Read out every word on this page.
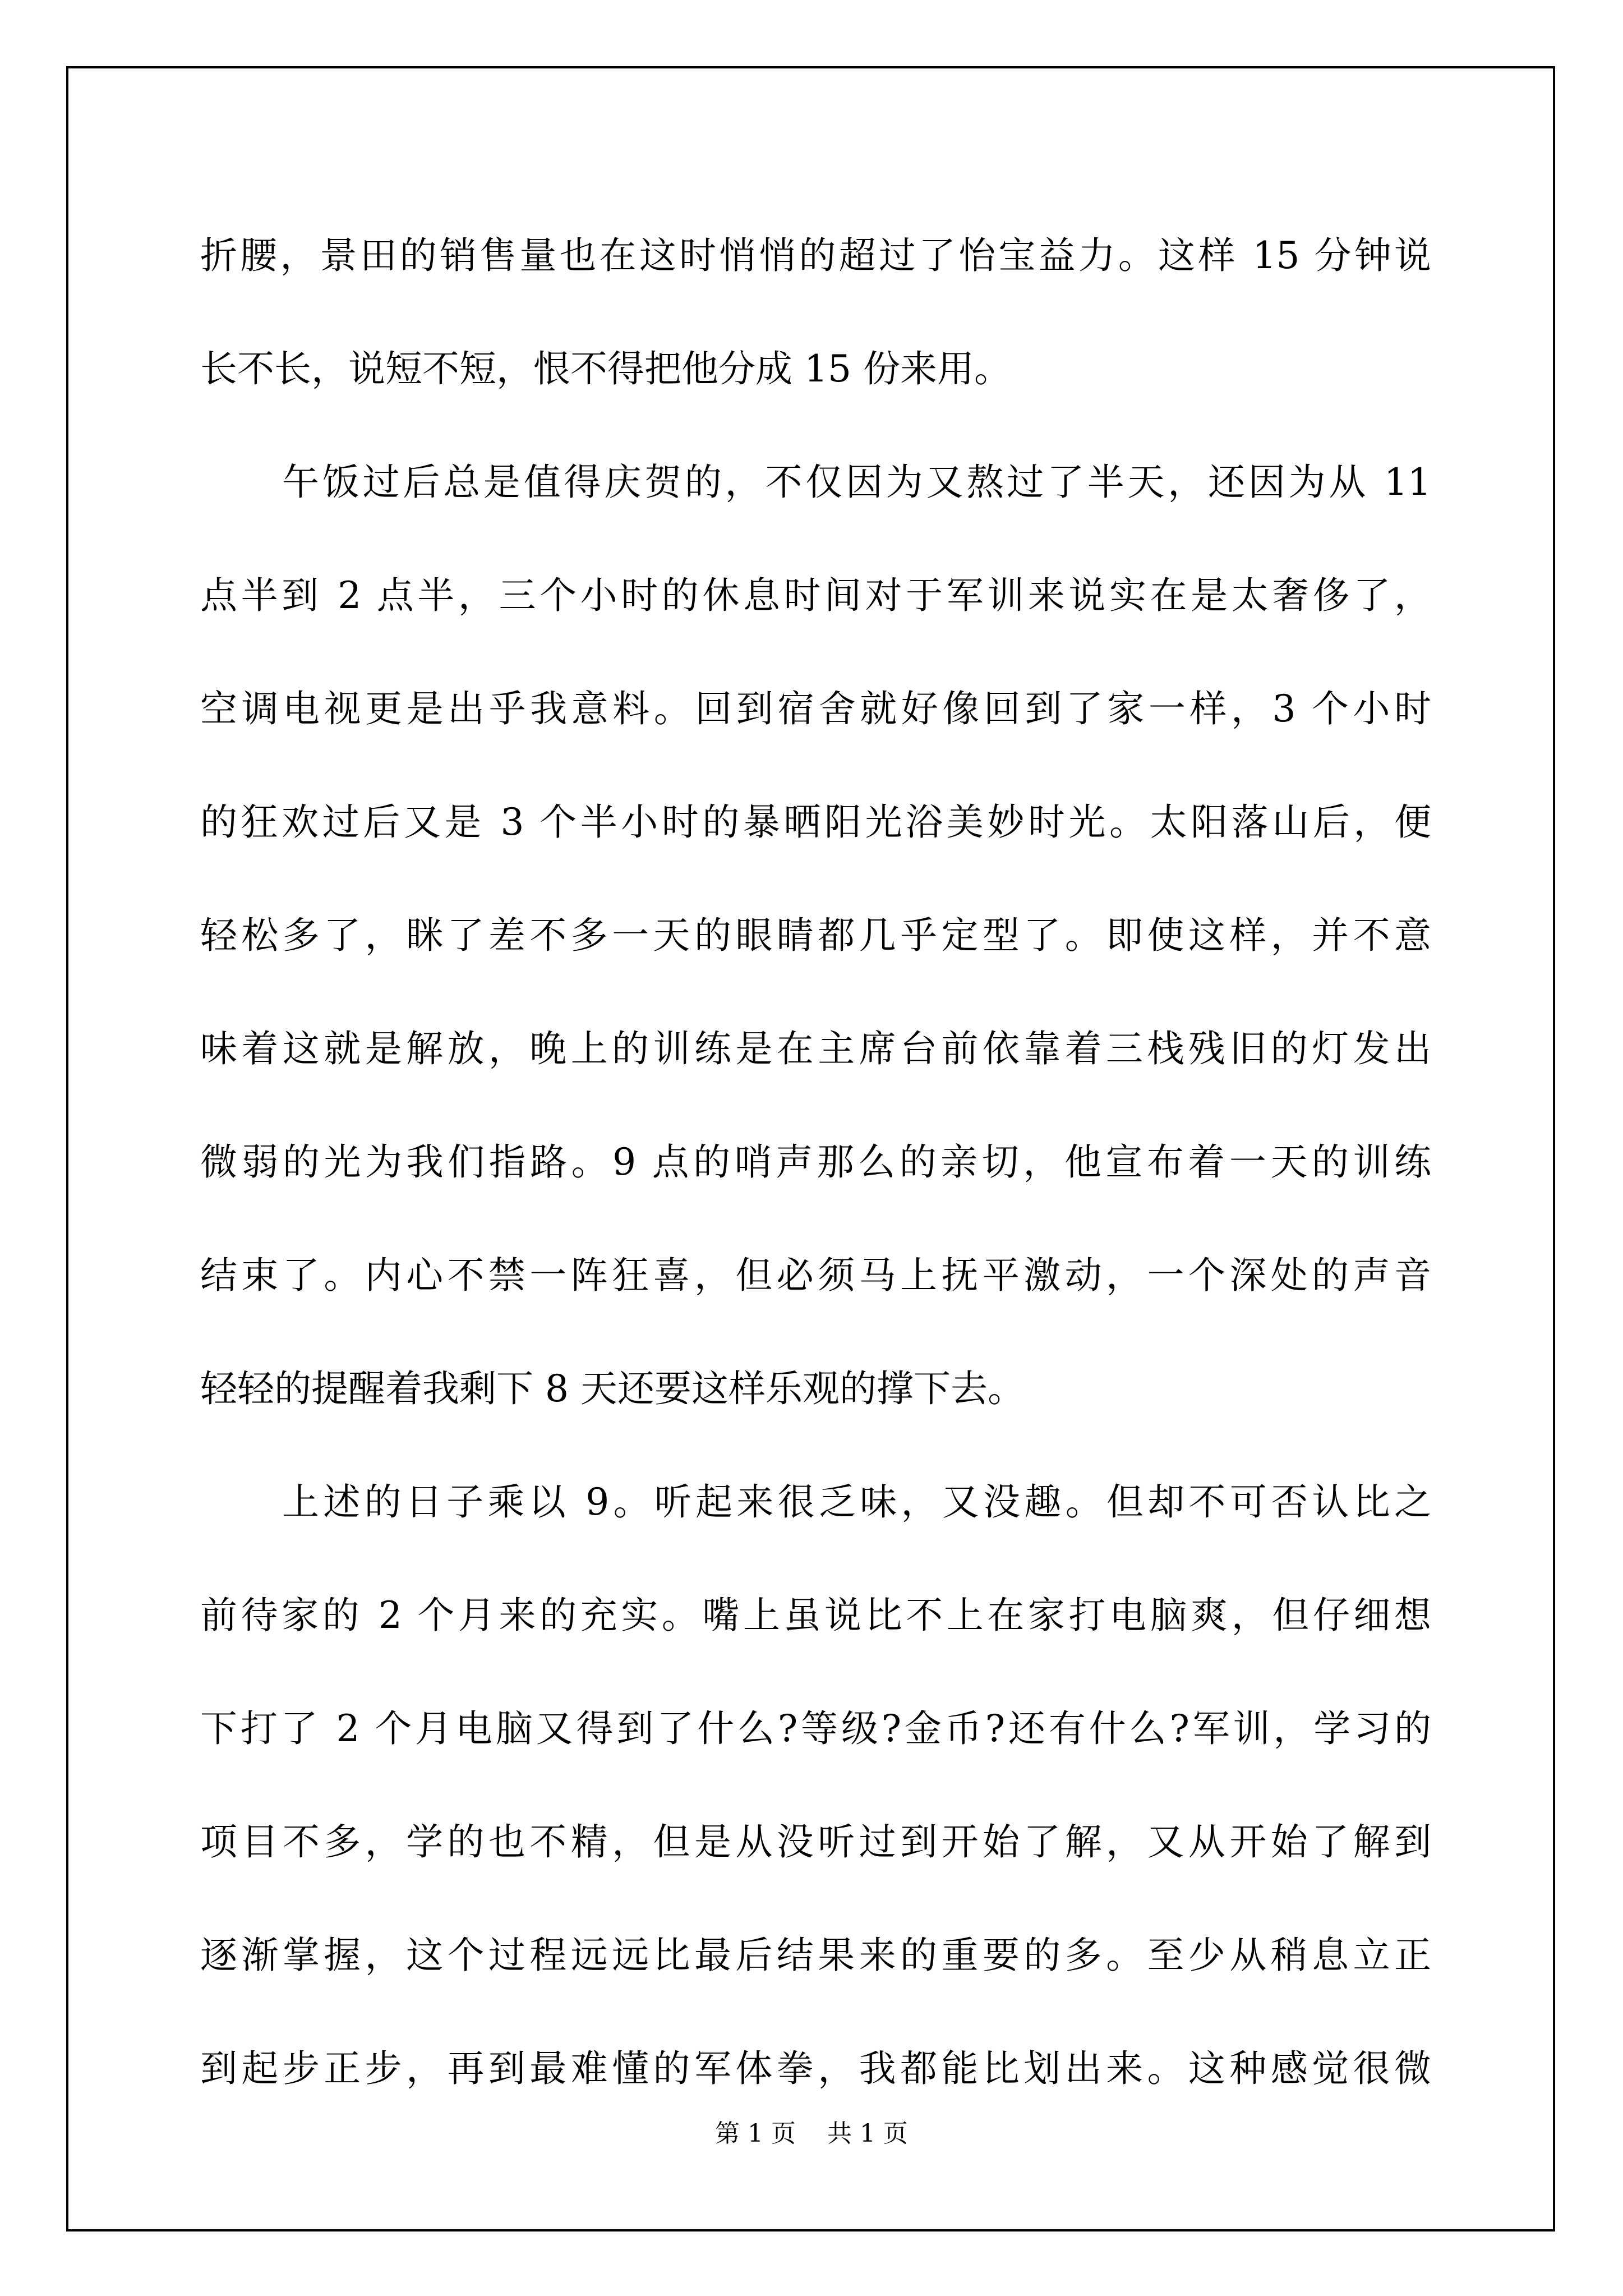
折腰，景田的销售量也在这时悄悄的超过了怡宝益力。这样 15 分钟说
长不长，说短不短，恨不得把他分成 15 份来用。
午饭过后总是值得庆贺的，不仅因为又熬过了半天，还因为从 11
点半到 2 点半，三个小时的休息时间对于军训来说实在是太奢侈了，
空调电视更是出乎我意料。回到宿舍就好像回到了家一样，3 个小时
的狂欢过后又是 3 个半小时的暴晒阳光浴美妙时光。太阳落山后，便
轻松多了，眯了差不多一天的眼睛都几乎定型了。即使这样，并不意
味着这就是解放，晚上的训练是在主席台前依靠着三栈残旧的灯发出
微弱的光为我们指路。9 点的哨声那么的亲切，他宣布着一天的训练
结束了。内心不禁一阵狂喜，但必须马上抚平激动，一个深处的声音
轻轻的提醒着我剩下 8 天还要这样乐观的撑下去。
上述的日子乘以 9。听起来很乏味，又没趣。但却不可否认比之
前待家的 2 个月来的充实。嘴上虽说比不上在家打电脑爽，但仔细想
下打了 2 个月电脑又得到了什么?等级?金币?还有什么?军训，学习的
项目不多，学的也不精，但是从没听过到开始了解，又从开始了解到
逐渐掌握，这个过程远远比最后结果来的重要的多。至少从稍息立正
到起步正步，再到最难懂的军体拳，我都能比划出来。这种感觉很微
第 1 页    共 1 页
